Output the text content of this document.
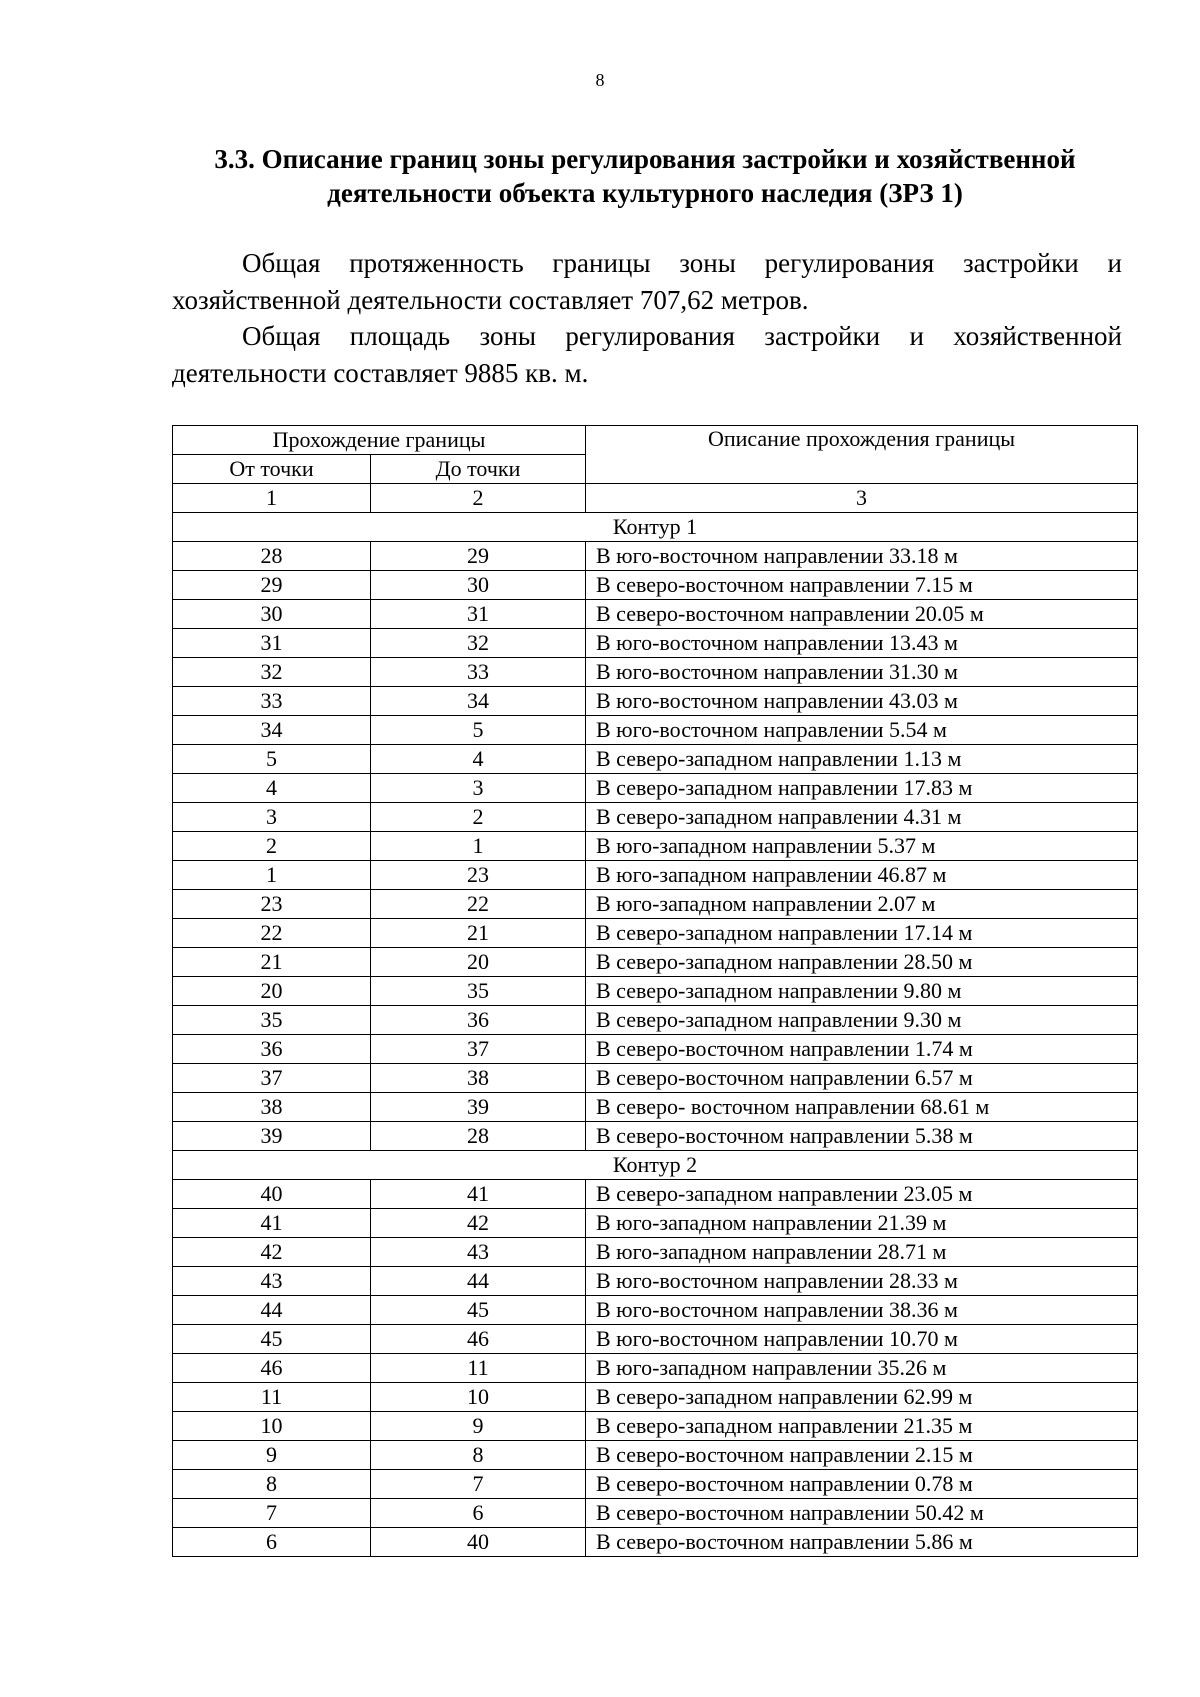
8
3.3. Описание границ зоны регулирования застройки и хозяйственной деятельности объекта культурного наследия (ЗРЗ 1)

Общая протяженность границы зоны регулирования застройки и хозяйственной деятельности составляет 707,62 метров.

Общая площадь зоны регулирования застройки и хозяйственной деятельности составляет 9885 кв. м.

Прохождение границы		Описание прохождения границы
От точки	До точки	
1	2	3
Контур 1		
28	29	В юго-восточном направлении 33.18 м
29	30	В северо-восточном направлении 7.15 м
30	31	В северо-восточном направлении 20.05 м
31	32	В юго-восточном направлении 13.43 м
32	33	В юго-восточном направлении 31.30 м
33	34	В юго-восточном направлении 43.03 м
34	5	В юго-восточном направлении 5.54 м
5	4	В северо-западном направлении 1.13 м
4	3	В северо-западном направлении 17.83 м
3	2	В северо-западном направлении 4.31 м
2	1	В юго-западном направлении 5.37 м
1	23	В юго-западном направлении 46.87 м
23	22	В юго-западном направлении 2.07 м
22	21	В северо-западном направлении 17.14 м
21	20	В северо-западном направлении 28.50 м
20	35	В северо-западном направлении 9.80 м
35	36	В северо-западном направлении 9.30 м
36	37	В северо-восточном направлении 1.74 м
37	38	В северо-восточном направлении 6.57 м
38	39	В северо- восточном направлении 68.61 м
39	28	В северо-восточном направлении 5.38 м
Контур 2		
40	41	В северо-западном направлении 23.05 м
41	42	В юго-западном направлении 21.39 м
42	43	В юго-западном направлении 28.71 м
43	44	В юго-восточном направлении 28.33 м
44	45	В юго-восточном направлении 38.36 м
45	46	В юго-восточном направлении 10.70 м
46	11	В юго-западном направлении 35.26 м
11	10	В северо-западном направлении 62.99 м
10	9	В северо-западном направлении 21.35 м
9	8	В северо-восточном направлении 2.15 м
8	7	В северо-восточном направлении 0.78 м
7	6	В северо-восточном направлении 50.42 м
6	40	В северо-восточном направлении 5.86 м
